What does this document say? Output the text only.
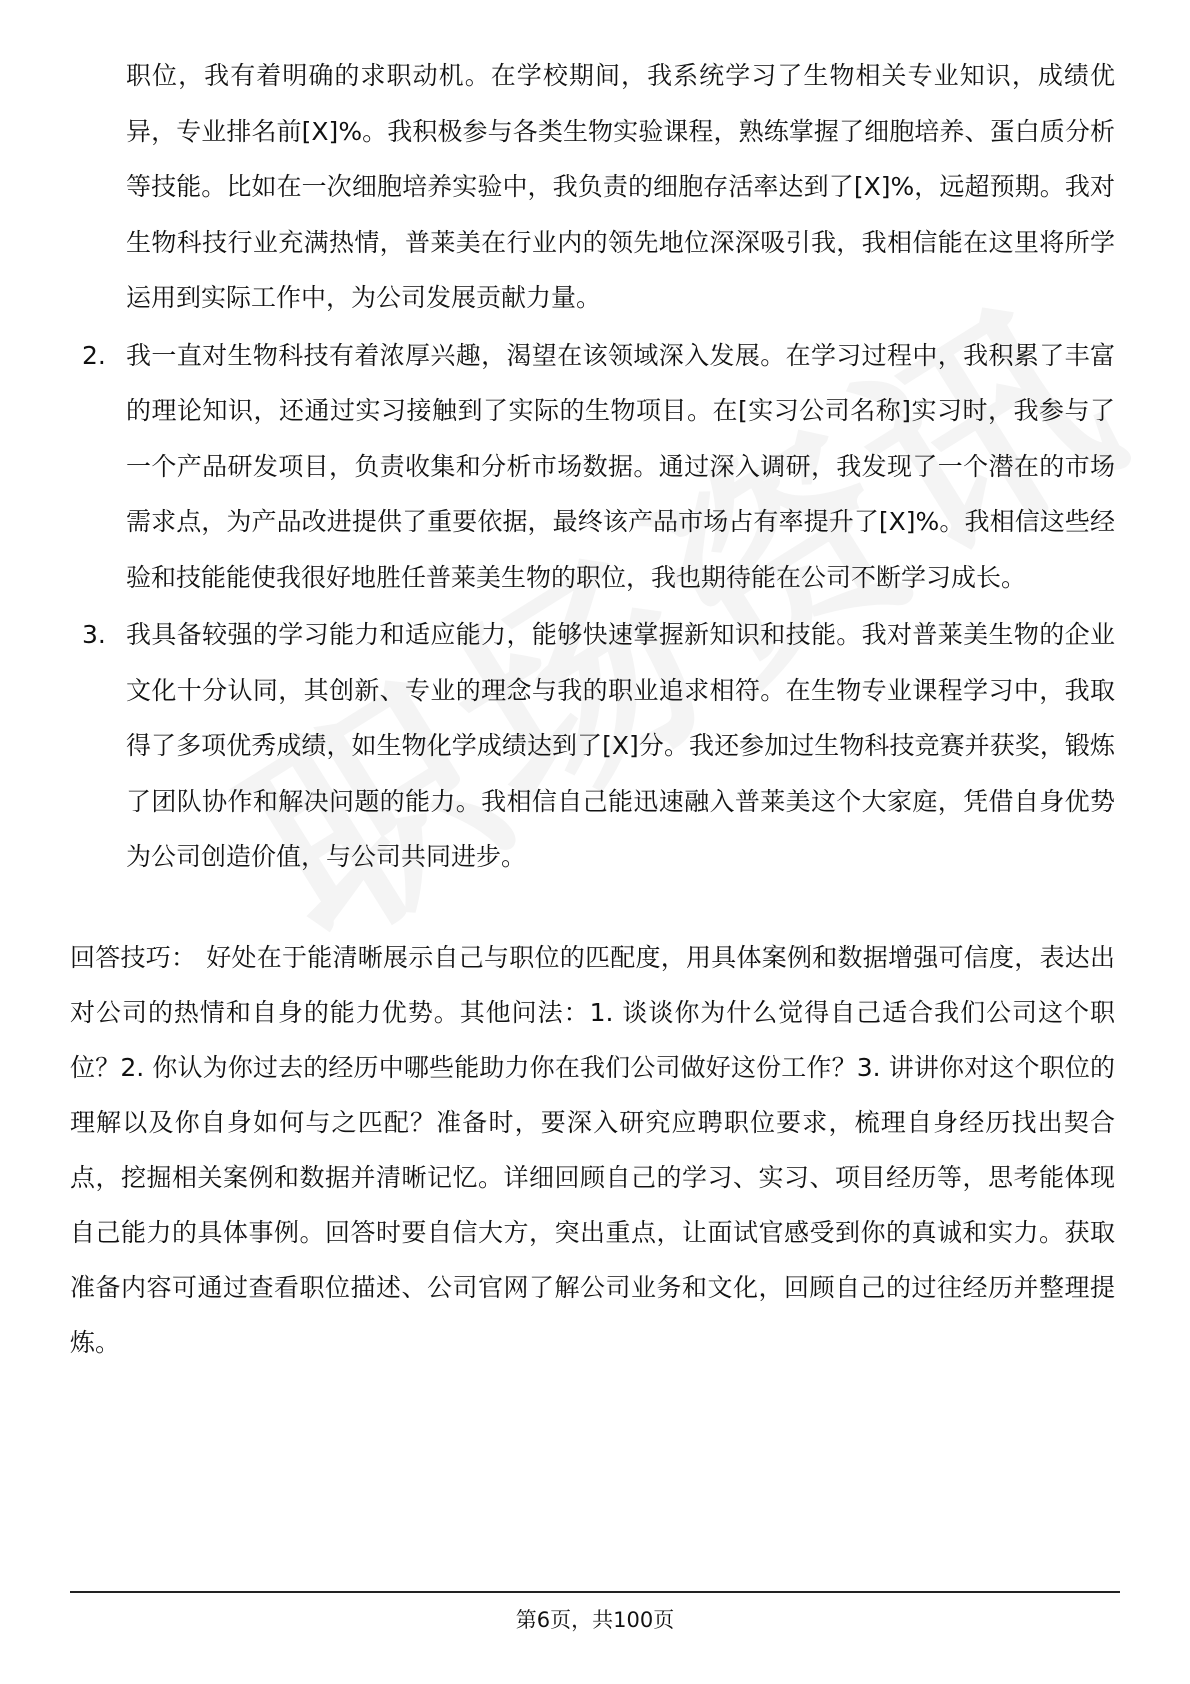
职位，我有着明确的求职动机。在学校期间，我系统学习了生物相关专业知识，成绩优异，专业排名前[X]%。我积极参与各类生物实验课程，熟练掌握了细胞培养、蛋白质分析等技能。比如在一次细胞培养实验中，我负责的细胞存活率达到了[X]%，远超预期。我对生物科技行业充满热情，普莱美在行业内的领先地位深深吸引我，我相信能在这里将所学运用到实际工作中，为公司发展贡献力量。
2. 我一直对生物科技有着浓厚兴趣，渴望在该领域深入发展。在学习过程中，我积累了丰富的理论知识，还通过实习接触到了实际的生物项目。在[实习公司名称]实习时，我参与了一个产品研发项目，负责收集和分析市场数据。通过深入调研，我发现了一个潜在的市场需求点，为产品改进提供了重要依据，最终该产品市场占有率提升了[X]%。我相信这些经验和技能能使我很好地胜任普莱美生物的职位，我也期待能在公司不断学习成长。
3. 我具备较强的学习能力和适应能力，能够快速掌握新知识和技能。我对普莱美生物的企业文化十分认同，其创新、专业的理念与我的职业追求相符。在生物专业课程学习中，我取得了多项优秀成绩，如生物化学成绩达到了[X]分。我还参加过生物科技竞赛并获奖，锻炼了团队协作和解决问题的能力。我相信自己能迅速融入普莱美这个大家庭，凭借自身优势为公司创造价值，与公司共同进步。
回答技巧： 好处在于能清晰展示自己与职位的匹配度，用具体案例和数据增强可信度，表达出对公司的热情和自身的能力优势。其他问法：1. 谈谈你为什么觉得自己适合我们公司这个职位？2. 你认为你过去的经历中哪些能助力你在我们公司做好这份工作？3. 讲讲你对这个职位的理解以及你自身如何与之匹配？准备时，要深入研究应聘职位要求，梳理自身经历找出契合点，挖掘相关案例和数据并清晰记忆。详细回顾自己的学习、实习、项目经历等，思考能体现自己能力的具体事例。回答时要自信大方，突出重点，让面试官感受到你的真诚和实力。获取准备内容可通过查看职位描述、公司官网了解公司业务和文化，回顾自己的过往经历并整理提炼。
第6页，共100页
